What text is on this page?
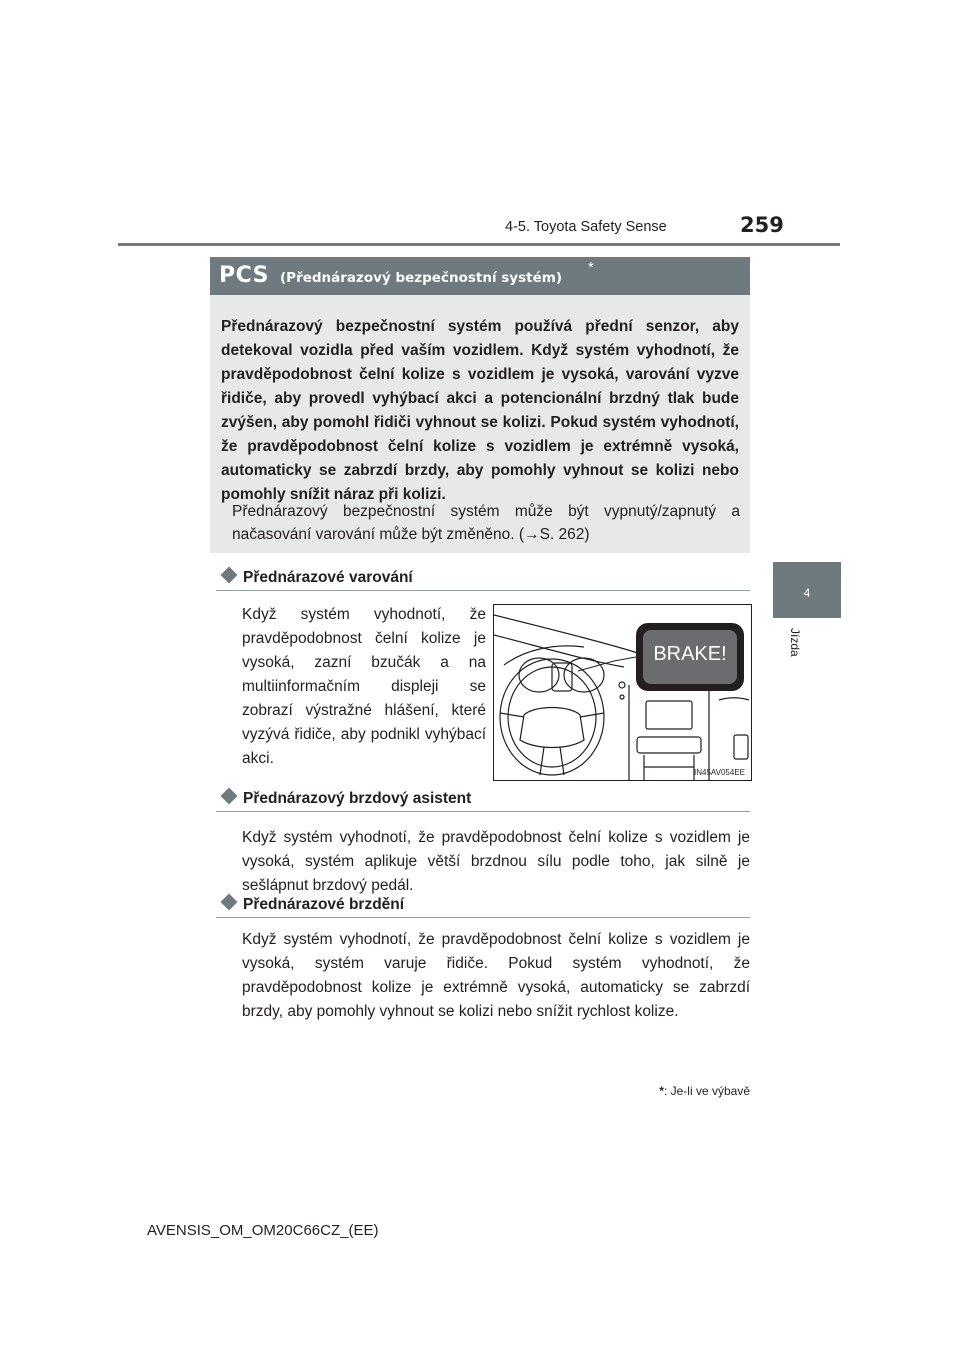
4-5. Toyota Safety Sense	259
4
Jízda
PCS (Přednárazový bezpečnostní systém)
*
Přednárazový bezpečnostní systém používá přední senzor, aby detekoval vozidla před vaším vozidlem. Když systém vyhodnotí, že pravděpodobnost čelní kolize s vozidlem je vysoká, varování vyzve řidiče, aby provedl vyhýbací akci a potencionální brzdný tlak bude zvýšen, aby pomohl řidiči vyhnout se kolizi. Pokud systém vyhodnotí, že pravděpodobnost čelní kolize s vozidlem je extrémně vysoká, automaticky se zabrzdí brzdy, aby pomohly vyhnout se kolizi nebo pomohly snížit náraz při kolizi.
Přednárazový bezpečnostní systém může být vypnutý/zapnutý a načasování varování může být změněno. (→S. 262)
Přednárazové varování
Když systém vyhodnotí, že pravděpodobnost čelní kolize je vysoká, zazní bzučák a na multiinformačním displeji se zobrazí výstražné hlášení, které vyzývá řidiče, aby podnikl vyhýbací akci.
BRAKE!
IN45AV054EE
Přednárazový brzdový asistent
Když systém vyhodnotí, že pravděpodobnost čelní kolize s vozidlem je vysoká, systém aplikuje větší brzdnou sílu podle toho, jak silně je sešlápnut brzdový pedál.
Přednárazové brzdění
Když systém vyhodnotí, že pravděpodobnost čelní kolize s vozidlem je vysoká, systém varuje řidiče. Pokud systém vyhodnotí, že pravděpodobnost kolize je extrémně vysoká, automaticky se zabrzdí brzdy, aby pomohly vyhnout se kolizi nebo snížit rychlost kolize.
*: Je-li ve výbavě
AVENSIS_OM_OM20C66CZ_(EE)
